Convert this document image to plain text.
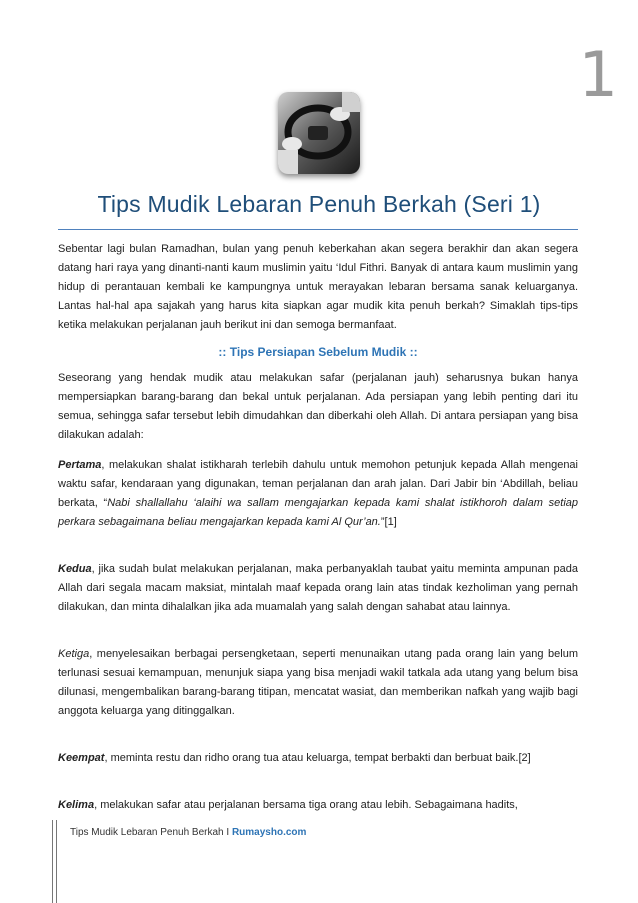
1
Tips Mudik Lebaran Penuh Berkah (Seri 1)

Sebentar lagi bulan Ramadhan, bulan yang penuh keberkahan akan segera berakhir dan akan segera datang hari raya yang dinanti-nanti kaum muslimin yaitu ‘Idul Fithri. Banyak di antara kaum muslimin yang hidup di perantauan kembali ke kampungnya untuk merayakan lebaran bersama sanak keluarganya. Lantas hal-hal apa sajakah yang harus kita siapkan agar mudik kita penuh berkah? Simaklah tips-tips ketika melakukan perjalanan jauh berikut ini dan semoga bermanfaat.

:: Tips Persiapan Sebelum Mudik ::

Seseorang yang hendak mudik atau melakukan safar (perjalanan jauh) seharusnya bukan hanya mempersiapkan barang-barang dan bekal untuk perjalanan. Ada persiapan yang lebih penting dari itu semua, sehingga safar tersebut lebih dimudahkan dan diberkahi oleh Allah. Di antara persiapan yang bisa dilakukan adalah:

Pertama, melakukan shalat istikharah terlebih dahulu untuk memohon petunjuk kepada Allah mengenai waktu safar, kendaraan yang digunakan, teman perjalanan dan arah jalan. Dari Jabir bin ‘Abdillah, beliau berkata, “Nabi shallallahu ‘alaihi wa sallam mengajarkan kepada kami shalat istikhoroh dalam setiap perkara sebagaimana beliau mengajarkan kepada kami Al Qur’an.”[1]

Kedua, jika sudah bulat melakukan perjalanan, maka perbanyaklah taubat yaitu meminta ampunan pada Allah dari segala macam maksiat, mintalah maaf kepada orang lain atas tindak kezholiman yang pernah dilakukan, dan minta dihalalkan jika ada muamalah yang salah dengan sahabat atau lainnya.

Ketiga, menyelesaikan berbagai persengketaan, seperti menunaikan utang pada orang lain yang belum terlunasi sesuai kemampuan, menunjuk siapa yang bisa menjadi wakil tatkala ada utang yang belum bisa dilunasi, mengembalikan barang-barang titipan, mencatat wasiat, dan memberikan nafkah yang wajib bagi anggota keluarga yang ditinggalkan.

Keempat, meminta restu dan ridho orang tua atau keluarga, tempat berbakti dan berbuat baik.[2]

Kelima, melakukan safar atau perjalanan bersama tiga orang atau lebih. Sebagaimana hadits,

Tips Mudik Lebaran Penuh Berkah I Rumaysho.com
